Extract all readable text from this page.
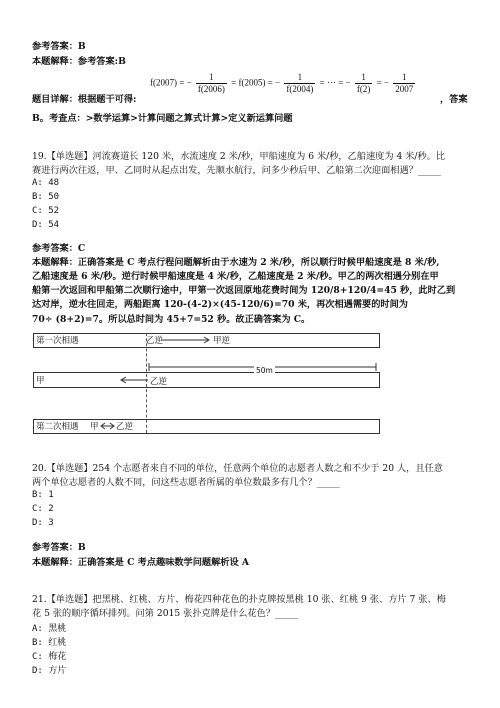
参考答案：B
本题解释：参考答案:B
f(2007) = − $\frac{1}{f(2006)} = f(2005)$ = − $\frac{1}{f(2004)}$ = ··· = − $\frac{1}{f(2)}$ = − $\frac{1}{2007}$
题目详解：根据题干可得:	，答案
B。考查点：>数学运算>计算问题之算式计算>定义新运算问题
19.【单选题】河流赛道长 120 米，水流速度 2 米/秒，甲船速度为 6 米/秒，乙船速度为 4 米/秒。比
赛进行两次往返，甲、乙同时从起点出发，先顺水航行，问多少秒后甲、乙船第二次迎面相遇？_____
A: 48
B: 50
C: 52
D: 54
参考答案：C
本题解释：正确答案是 C 考点行程问题解析由于水速为 2 米/秒，所以顺行时候甲船速度是 8 米/秒,
乙船速度是 6 米/秒。逆行时候甲船速度是 4 米/秒，乙船速度是 2 米/秒。甲乙的两次相遇分别在甲
船第一次返回和甲船第二次顺行途中，甲第一次返回原地花费时间为 120/8+120/4=45 秒，此时乙到
达对岸，逆水往回走，两船距离 120-(4-2)×(45-120/6)=70 米，再次相遇需要的时间为
70÷ (8+2)=7。所以总时间为 45+7=52 秒。故正确答案为 C。
第一次相遇	乙逆	甲逆
甲	乙逆
50m
第二次相遇 甲 乙逆
20.【单选题】254 个志愿者来自不同的单位，任意两个单位的志愿者人数之和不少于 20 人，且任意
两个单位志愿者的人数不同，问这些志愿者所属的单位数最多有几个？_____
B: 1
C: 2
D: 3
参考答案：B
本题解释：正确答案是 C 考点趣味数学问题解析设 A
21.【单选题】把黑桃、红桃、方片、梅花四种花色的扑克牌按黑桃 10 张、红桃 9 张、方片 7 张、梅
花 5 张的顺序循环排列。问第 2015 张扑克牌是什么花色？_____
A: 黑桃
B: 红桃
C: 梅花
D: 方片
